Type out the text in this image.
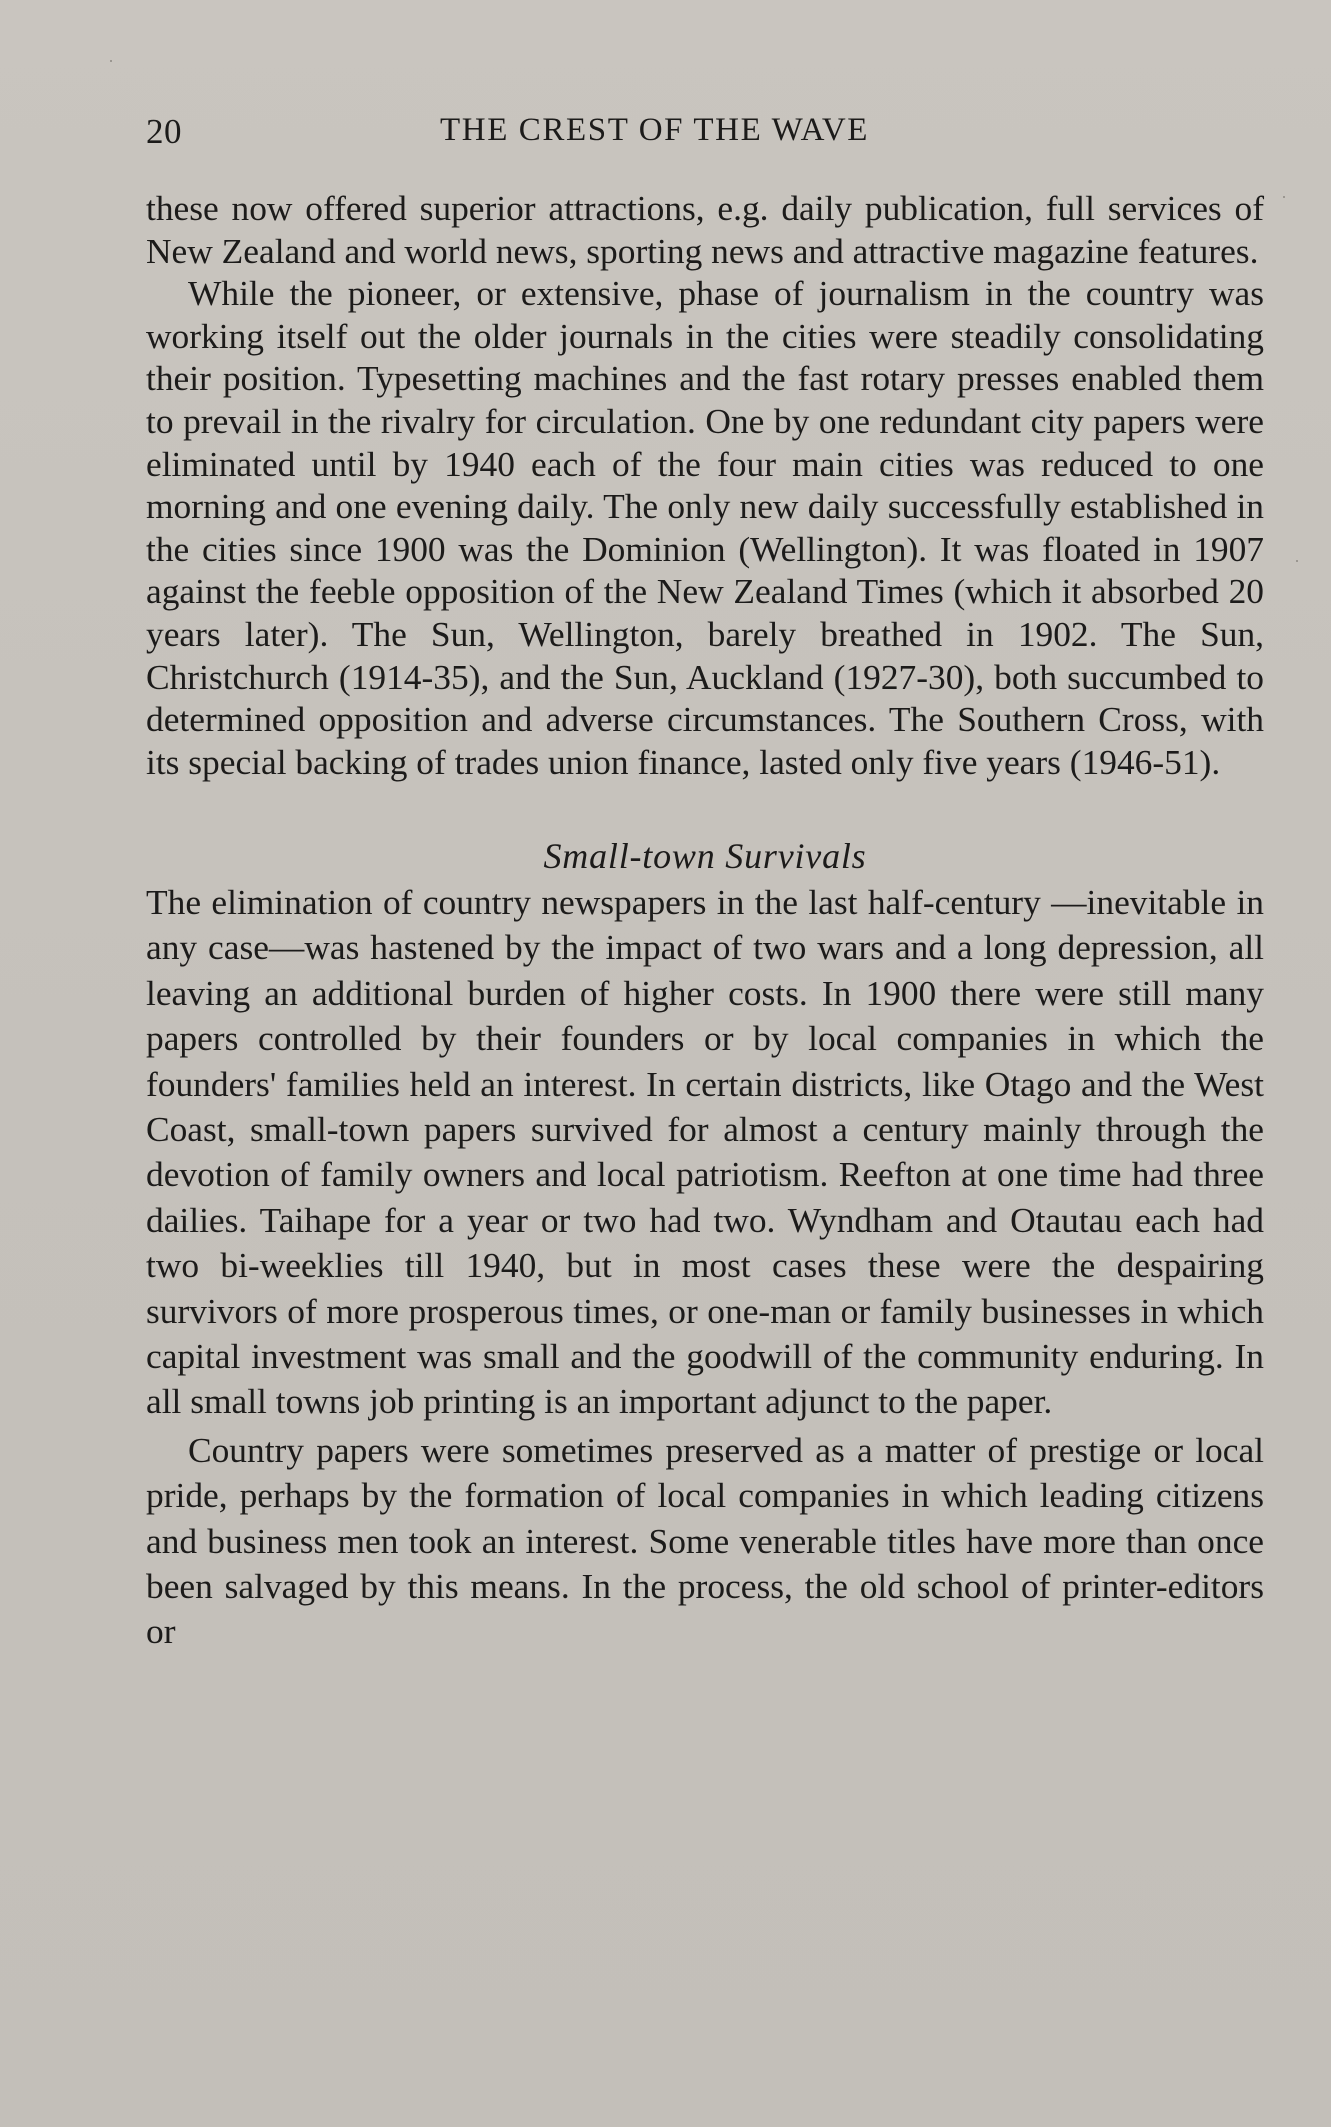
20	THE CREST OF THE WAVE

these now offered superior attractions, e.g. daily publication, full services of New Zealand and world news, sporting news and attractive magazine features.

While the pioneer, or extensive, phase of journalism in the country was working itself out the older journals in the cities were steadily consolidating their position. Typesetting machines and the fast rotary presses enabled them to prevail in the rivalry for circulation. One by one redundant city papers were eliminated until by 1940 each of the four main cities was reduced to one morning and one evening daily. The only new daily successfully established in the cities since 1900 was the Dominion (Wellington). It was floated in 1907 against the feeble opposition of the New Zealand Times (which it absorbed 20 years later). The Sun, Wellington, barely breathed in 1902. The Sun, Christchurch (1914-35), and the Sun, Auckland (1927-30), both succumbed to determined opposition and adverse circumstances. The Southern Cross, with its special backing of trades union finance, lasted only five years (1946-51).

Small-town Survivals

The elimination of country newspapers in the last half-century —inevitable in any case—was hastened by the impact of two wars and a long depression, all leaving an additional burden of higher costs. In 1900 there were still many papers controlled by their founders or by local companies in which the founders' families held an interest. In certain districts, like Otago and the West Coast, small-town papers survived for almost a century mainly through the devotion of family owners and local patriotism. Reefton at one time had three dailies. Taihape for a year or two had two. Wyndham and Otautau each had two bi-weeklies till 1940, but in most cases these were the despairing survivors of more prosperous times, or one-man or family businesses in which capital investment was small and the goodwill of the community enduring. In all small towns job printing is an important adjunct to the paper.

Country papers were sometimes preserved as a matter of prestige or local pride, perhaps by the formation of local companies in which leading citizens and business men took an interest. Some venerable titles have more than once been salvaged by this means. In the process, the old school of printer-editors or
